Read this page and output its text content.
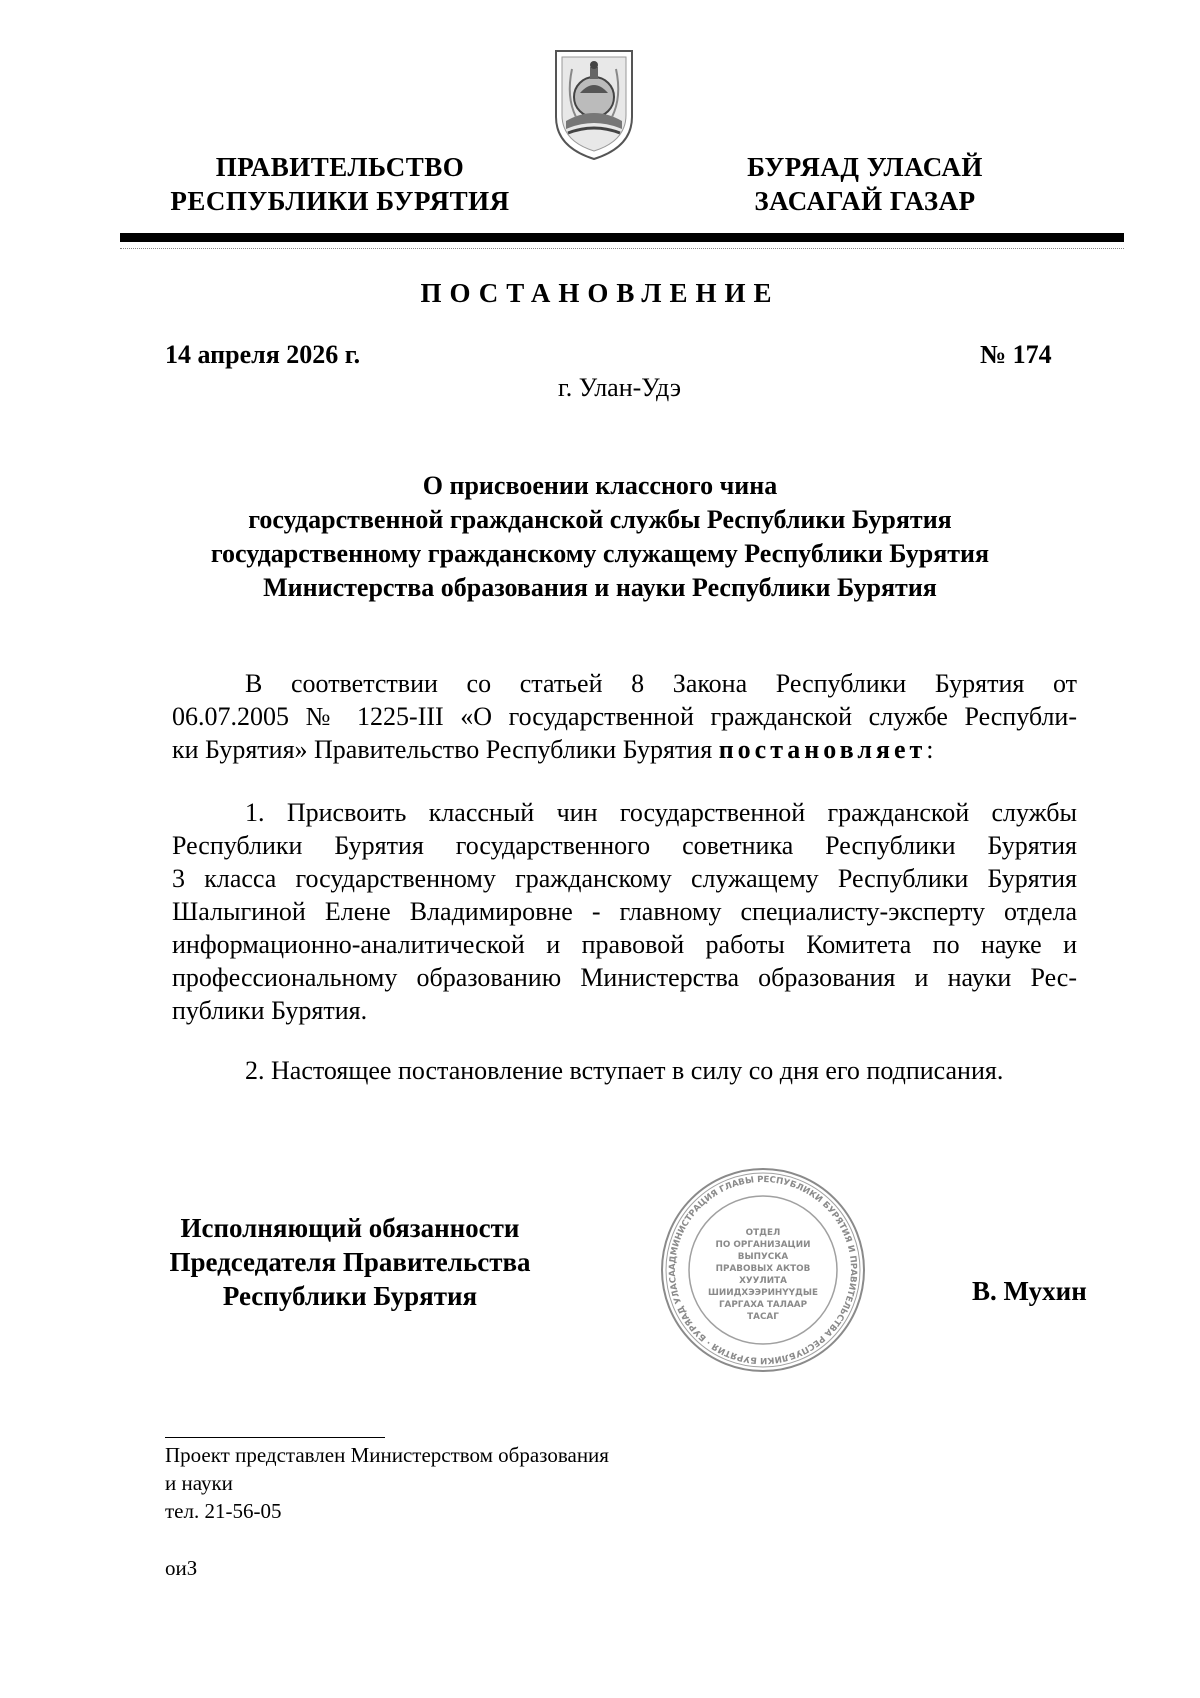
ПРАВИТЕЛЬСТВО
РЕСПУБЛИКИ БУРЯТИЯ
БУРЯАД УЛАСАЙ
ЗАСАГАЙ ГАЗАР
ПОСТАНОВЛЕНИЕ
14 апреля 2026 г.	№ 174
г. Улан-Удэ
О присвоении классного чина
государственной гражданской службы Республики Бурятия
государственному гражданскому служащему Республики Бурятия
Министерства образования и науки Республики Бурятия
В соответствии со статьей 8 Закона Республики Бурятия от
06.07.2005 № 1225-III «О государственной гражданской службе Республи-
ки Бурятия» Правительство Республики Бурятия постановляет:
1. Присвоить классный чин государственной гражданской службы
Республики Бурятия государственного советника Республики Бурятия
3 класса государственному гражданскому служащему Республики Бурятия
Шалыгиной Елене Владимировне - главному специалисту-эксперту отдела
информационно-аналитической и правовой работы Комитета по науке и
профессиональному образованию Министерства образования и науки Рес-
публики Бурятия.
2. Настоящее постановление вступает в силу со дня его подписания.
Исполняющий обязанности
Председателя Правительства
Республики Бурятия	В. Мухин
АДМИНИСТРАЦИЯ ГЛАВЫ РЕСПУБЛИКИ БУРЯТИЯ И ПРАВИТЕЛЬСТВА РЕСПУБЛИКИ БУРЯТИЯ · БУРЯАД УЛАСА
ОТДЕЛ
ПО ОРГАНИЗАЦИИ
ВЫПУСКА
ПРАВОВЫХ АКТОВ
ХУУЛИТА
ШИИДХЭЭРИНҮҮДЫЕ
ГАРГАХА ТАЛААР
ТАСАГ
Проект представлен Министерством образования
и науки
тел. 21-56-05
оиЗ
